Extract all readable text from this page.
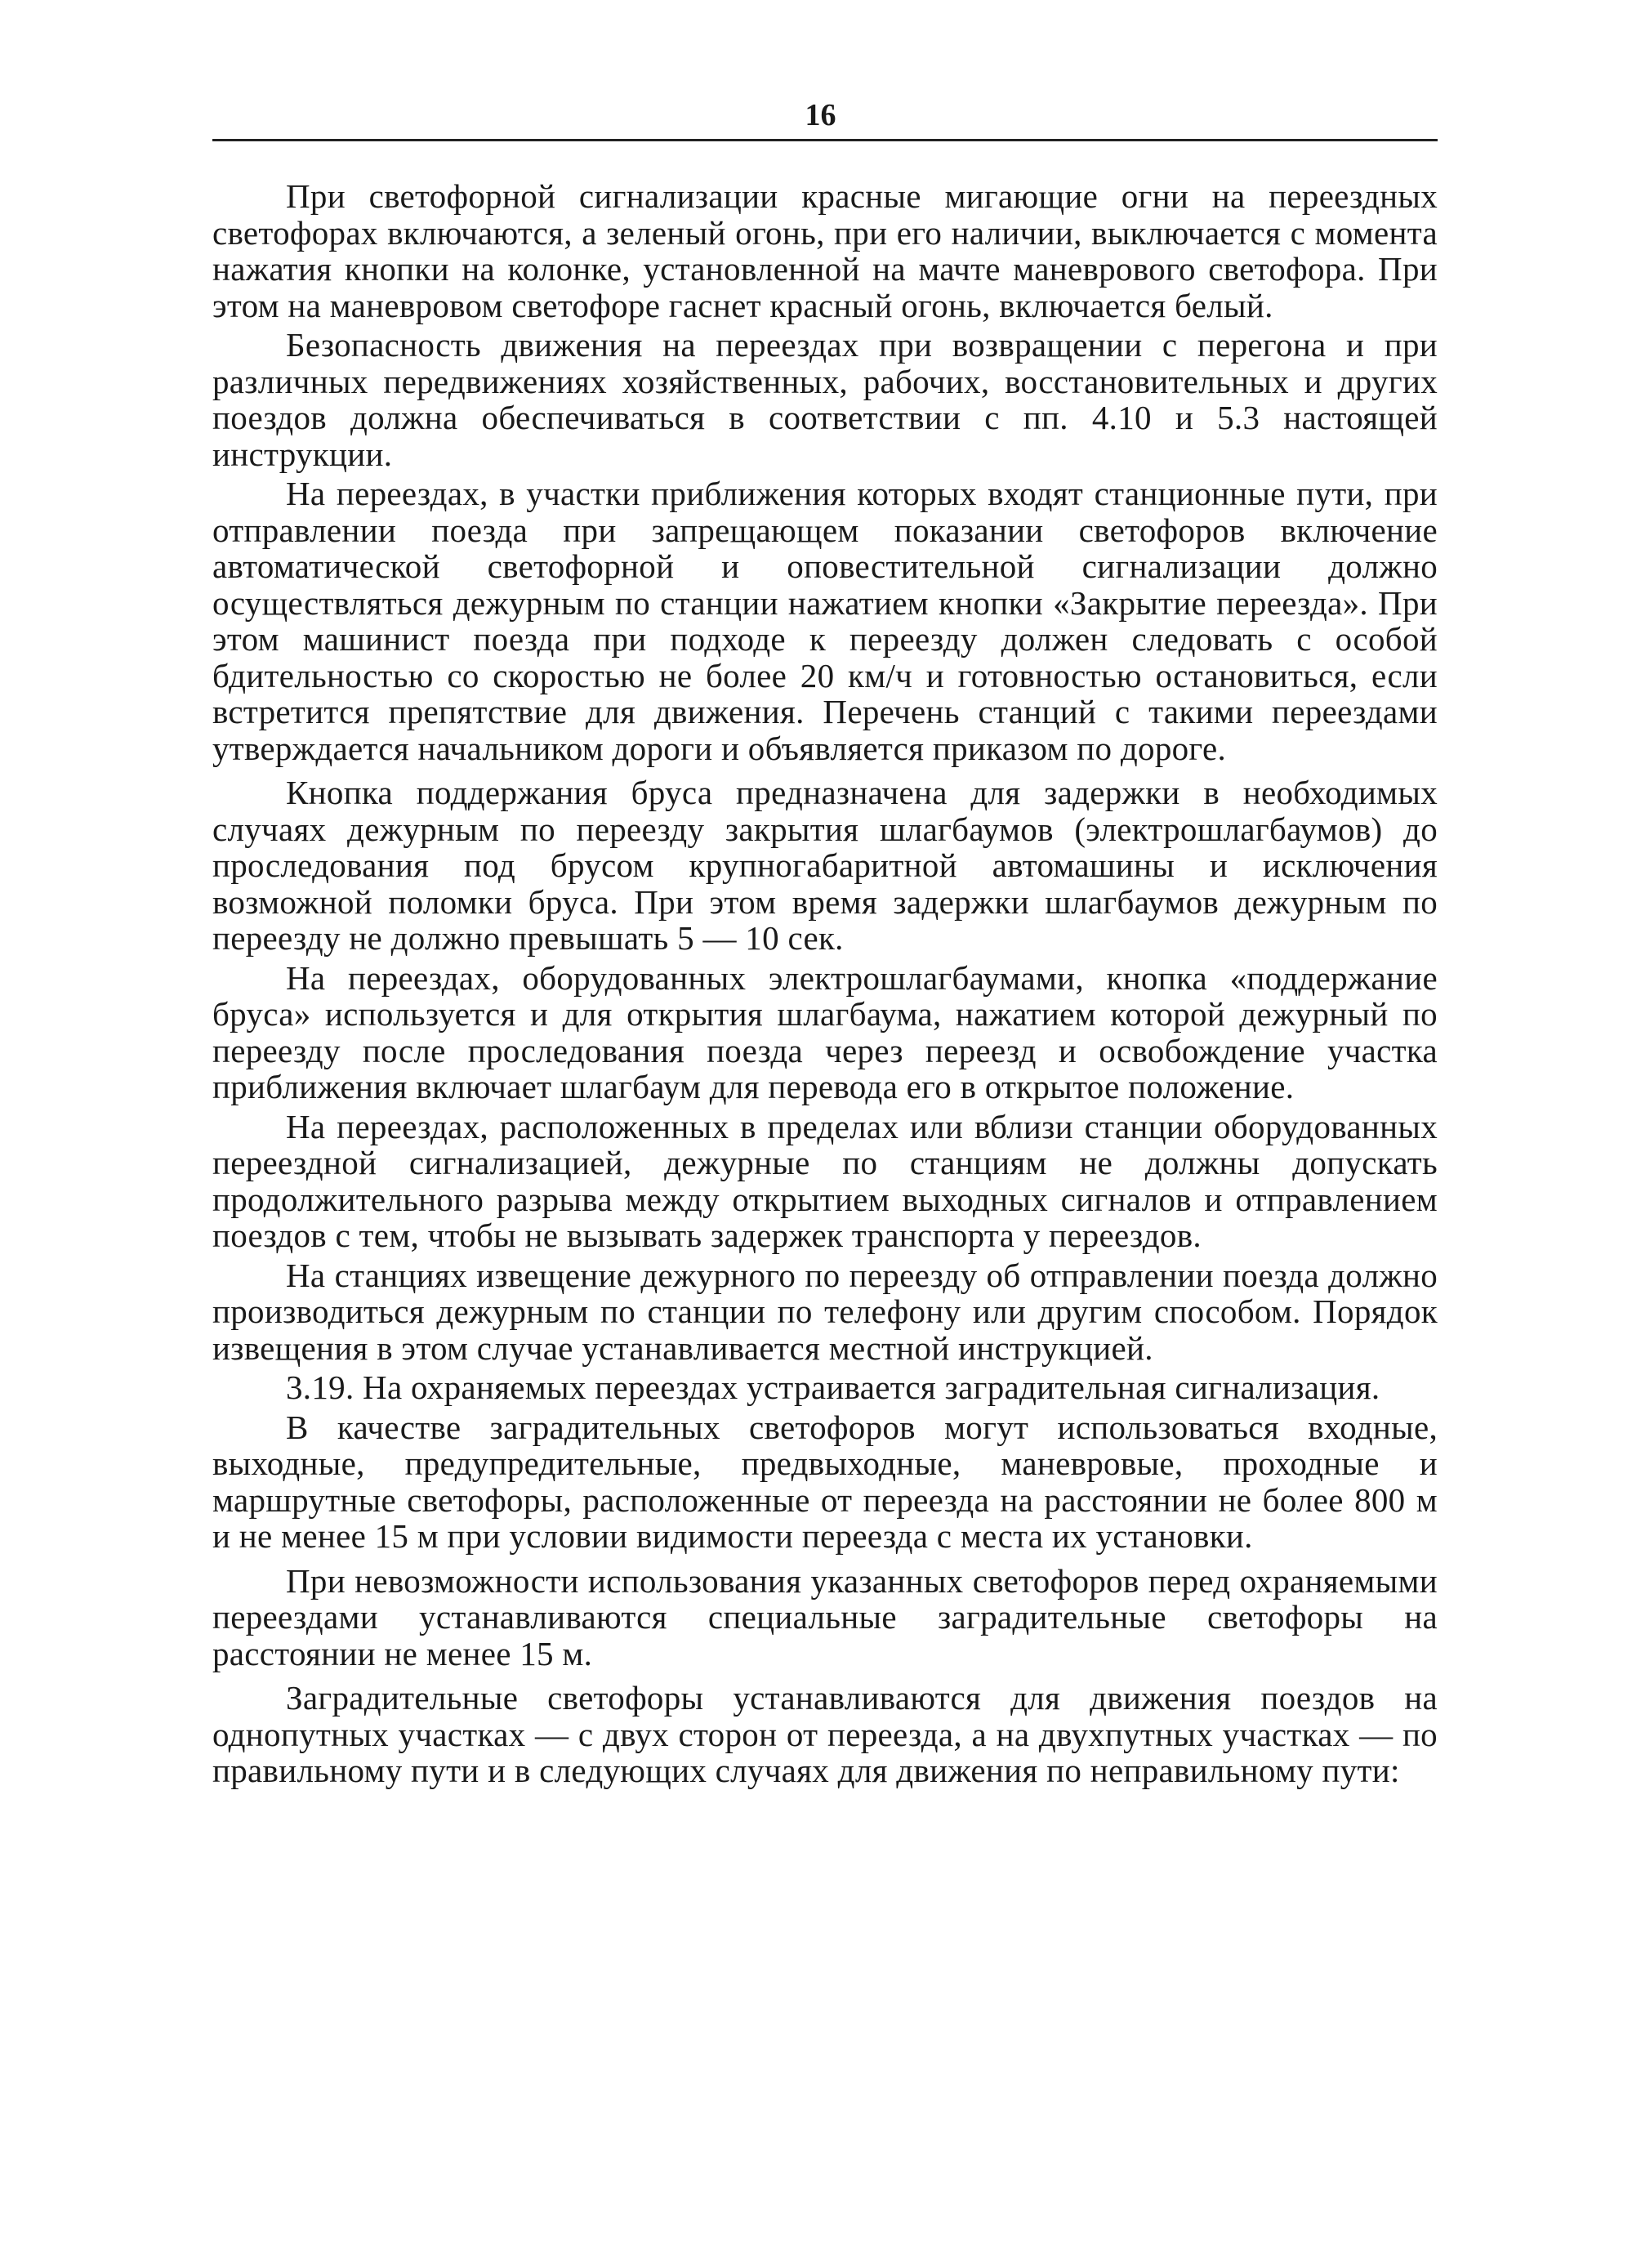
16

При светофорной сигнализации красные мигающие огни на переездных светофорах включаются, а зеленый огонь, при его наличии, выключается с момента нажатия кнопки на колонке, установленной на мачте маневрового светофора. При этом на маневровом светофоре гаснет красный огонь, включается белый.

Безопасность движения на переездах при возвращении с перегона и при различных передвижениях хозяйственных, рабочих, восстановительных и других поездов должна обеспечиваться в соответствии с пп. 4.10 и 5.3 настоящей инструкции.

На переездах, в участки приближения которых входят станционные пути, при отправлении поезда при запрещающем показании светофоров включение автоматической светофорной и оповестительной сигнализации должно осуществляться дежурным по станции нажатием кнопки «Закрытие переезда». При этом машинист поезда при подходе к переезду должен следовать с особой бдительностью со скоростью не более 20 км/ч и готовностью остановиться, если встретится препятствие для движения. Перечень станций с такими переездами утверждается начальником дороги и объявляется приказом по дороге.

Кнопка поддержания бруса предназначена для задержки в необходимых случаях дежурным по переезду закрытия шлагбаумов (электрошлагбаумов) до проследования под брусом крупногабаритной автомашины и исключения возможной поломки бруса. При этом время задержки шлагбаумов дежурным по переезду не должно превышать 5 — 10 сек.

На переездах, оборудованных электрошлагбаумами, кнопка «поддержание бруса» используется и для открытия шлагбаума, нажатием которой дежурный по переезду после проследования поезда через переезд и освобождение участка приближения включает шлагбаум для перевода его в открытое положение.

На переездах, расположенных в пределах или вблизи станции оборудованных переездной сигнализацией, дежурные по станциям не должны допускать продолжительного разрыва между открытием выходных сигналов и отправлением поездов с тем, чтобы не вызывать задержек транспорта у переездов.

На станциях извещение дежурного по переезду об отправлении поезда должно производиться дежурным по станции по телефону или другим способом. Порядок извещения в этом случае устанавливается местной инструкцией.

3.19. На охраняемых переездах устраивается заградительная сигнализация.

В качестве заградительных светофоров могут использоваться входные, выходные, предупредительные, предвыходные, маневровые, проходные и маршрутные светофоры, расположенные от переезда на расстоянии не более 800 м и не менее 15 м при условии видимости переезда с места их установки.

При невозможности использования указанных светофоров перед охраняемыми переездами устанавливаются специальные заградительные светофоры на расстоянии не менее 15 м.

Заградительные светофоры устанавливаются для движения поездов на однопутных участках — с двух сторон от переезда, а на двухпутных участках — по правильному пути и в следующих случаях для движения по неправильному пути:
